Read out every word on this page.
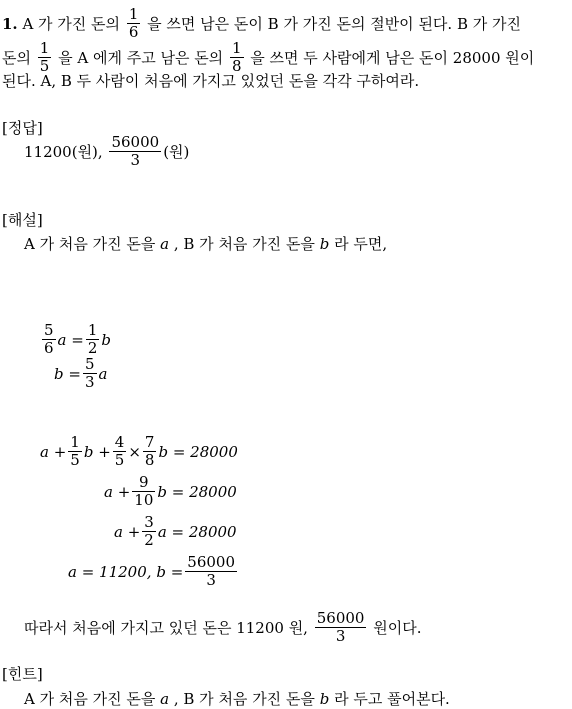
1.
A 가 가진 돈의
$\frac{1}{6}$
을 쓰면 남은 돈이 B 가 가진 돈의 절반이 된다. B 가 가진
돈의
$\frac{1}{5}$
을 A 에게 주고 남은 돈의
$\frac{1}{8}$
을 쓰면 두 사람에게 남은 돈이 28000 원이
된다. A, B 두 사람이 처음에 가지고 있었던 돈을 각각 구하여라.
[정답]
11200(원),
$\frac{56000}{3}$ (원)
[해설]
A 가 처음 가진 돈을
a
, B 가 처음 가진 돈을
b
라 두면,
$\frac{5}{6}$ $a = \frac{1}{2}$ b
$b = \frac{5}{3}$ a
$a + \frac{1}{5}$ $b + \frac{4}{5} \times \frac{7}{8}$ b = 28000
$a + \frac{9}{10}$ b = 28000
$a + \frac{3}{2}$ a = 28000
a = 11200,
$b = \frac{56000}{3}$
따라서 처음에 가지고 있던 돈은 11200 원,
$\frac{56000}{3}$
원이다.
[힌트]
A 가 처음 가진 돈을
a
, B 가 처음 가진 돈을
b
라 두고 풀어본다.
